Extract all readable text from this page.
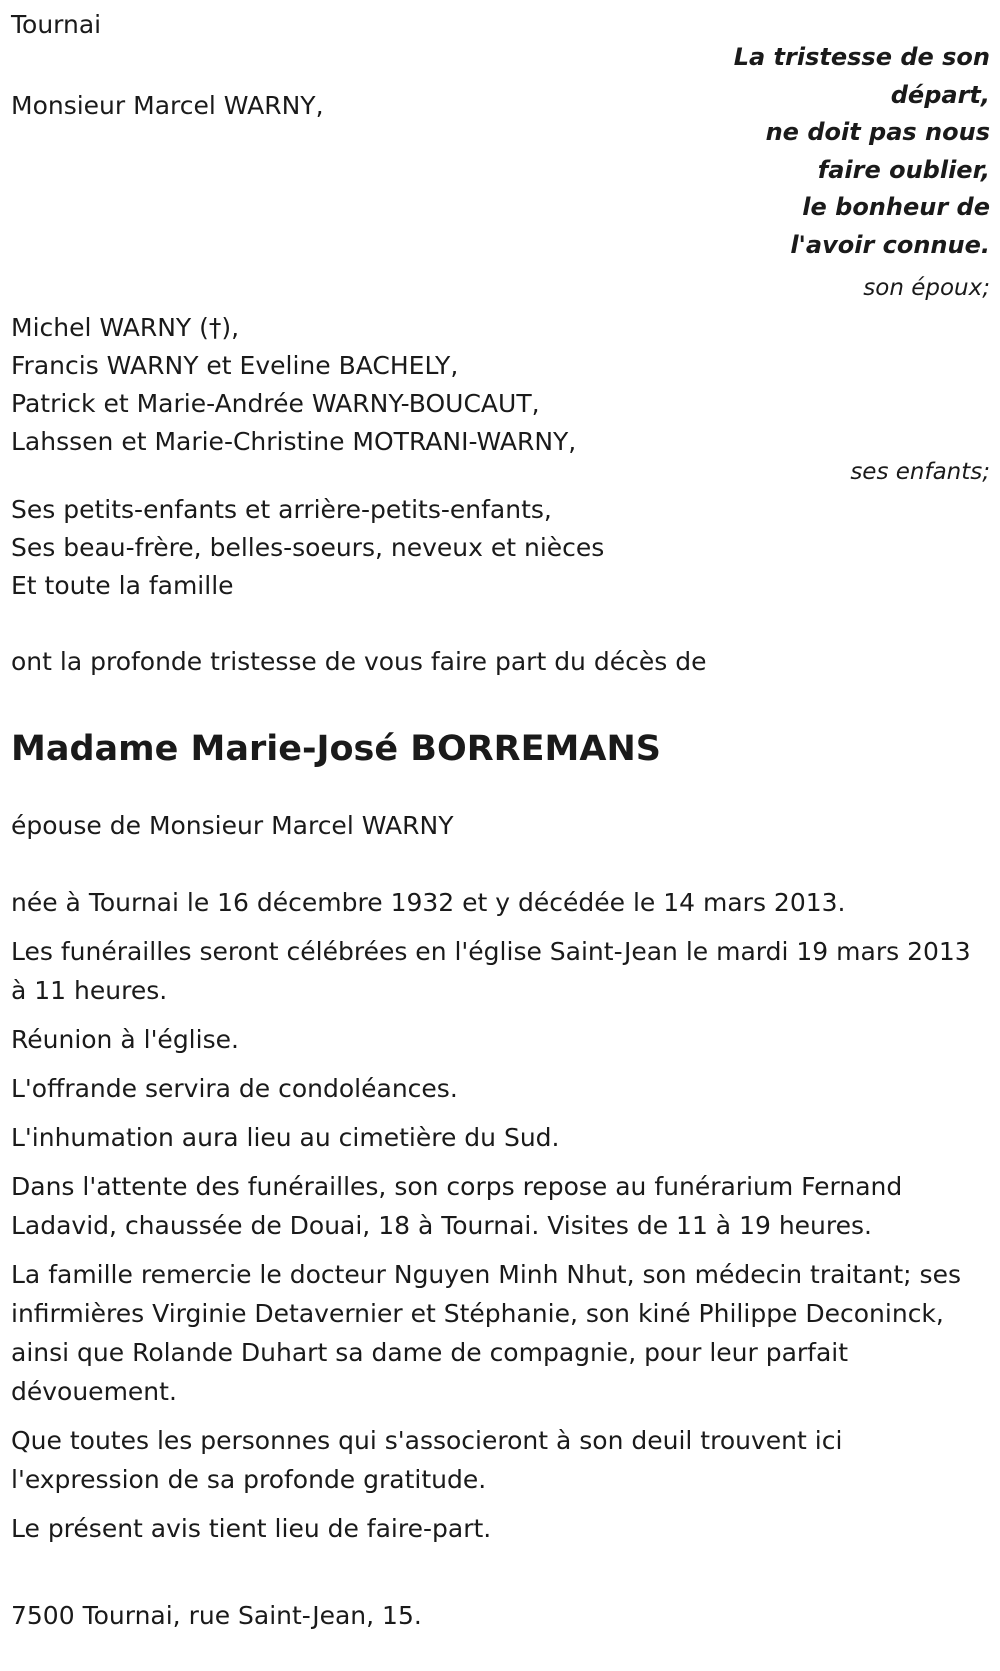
Tournai
La tristesse de son
départ,
ne doit pas nous
faire oublier,
le bonheur de
l'avoir connue.
Monsieur Marcel WARNY,
son époux;
Michel WARNY (†),
Francis WARNY et Eveline BACHELY,
Patrick et Marie-Andrée WARNY-BOUCAUT,
Lahssen et Marie-Christine MOTRANI-WARNY,
ses enfants;
Ses petits-enfants et arrière-petits-enfants,
Ses beau-frère, belles-soeurs, neveux et nièces
Et toute la famille
ont la profonde tristesse de vous faire part du décès de
Madame Marie-José BORREMANS
épouse de Monsieur Marcel WARNY
née à Tournai le 16 décembre 1932 et y décédée le 14 mars 2013.
Les funérailles seront célébrées en l'église Saint-Jean le mardi 19 mars 2013 à 11 heures.
Réunion à l'église.
L'offrande servira de condoléances.
L'inhumation aura lieu au cimetière du Sud.
Dans l'attente des funérailles, son corps repose au funérarium Fernand Ladavid, chaussée de Douai, 18 à Tournai. Visites de 11 à 19 heures.
La famille remercie le docteur Nguyen Minh Nhut, son médecin traitant; ses infirmières Virginie Detavernier et Stéphanie, son kiné Philippe Deconinck, ainsi que Rolande Duhart sa dame de compagnie, pour leur parfait dévouement.
Que toutes les personnes qui s'associeront à son deuil trouvent ici l'expression de sa profonde gratitude.
Le présent avis tient lieu de faire-part.
7500 Tournai, rue Saint-Jean, 15.
